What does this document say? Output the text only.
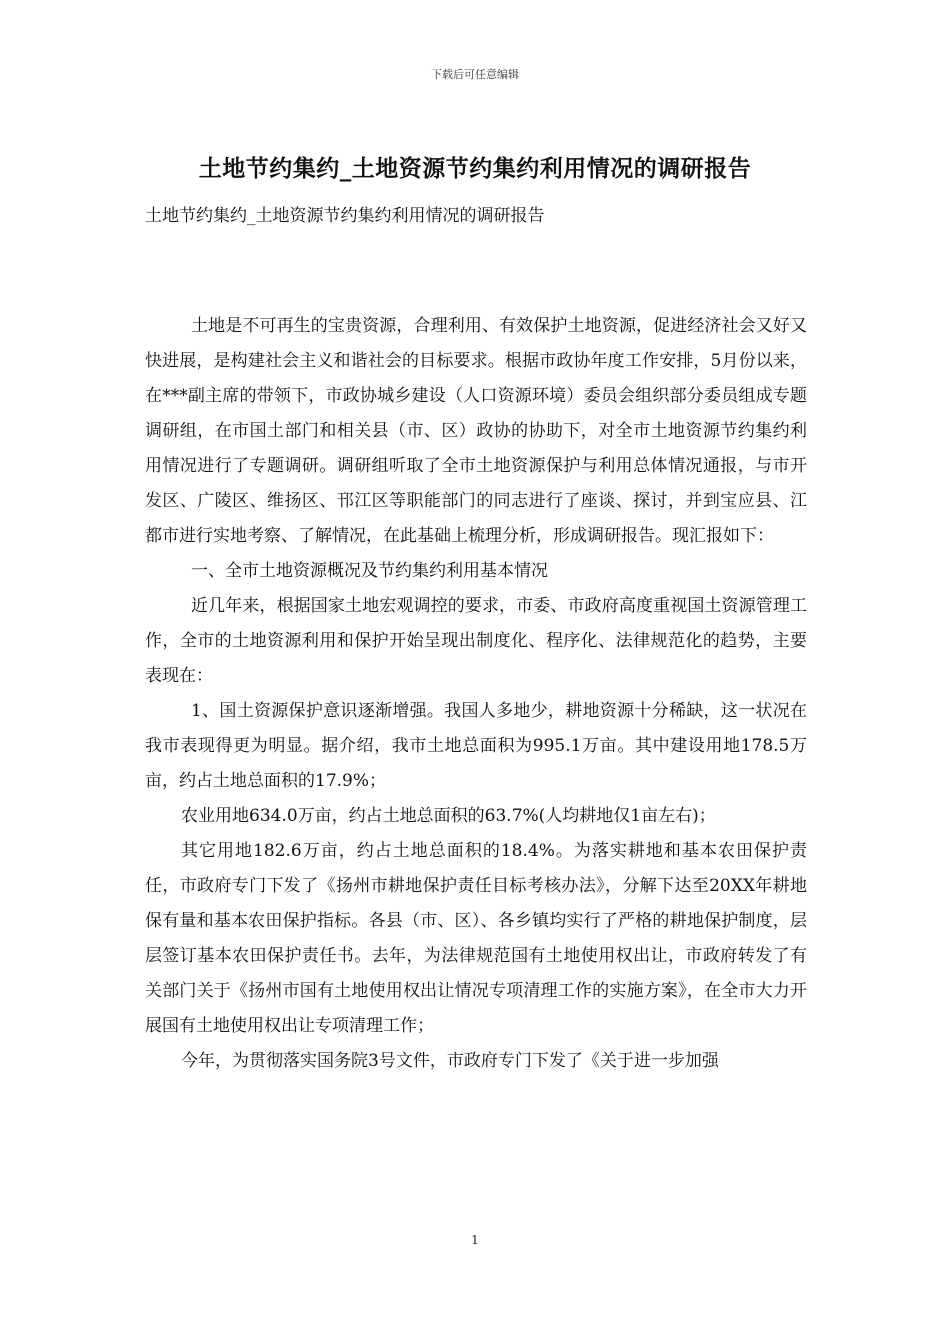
下载后可任意编辑
土地节约集约_土地资源节约集约利用情况的调研报告

土地节约集约_土地资源节约集约利用情况的调研报告

土地是不可再生的宝贵资源，合理利用、有效保护土地资源，促进经济社会又好又快进展，是构建社会主义和谐社会的目标要求。根据市政协年度工作安排，5月份以来，在***副主席的带领下，市政协城乡建设（人口资源环境）委员会组织部分委员组成专题调研组，在市国土部门和相关县（市、区）政协的协助下，对全市土地资源节约集约利用情况进行了专题调研。调研组听取了全市土地资源保护与利用总体情况通报，与市开发区、广陵区、维扬区、邗江区等职能部门的同志进行了座谈、探讨，并到宝应县、江都市进行实地考察、了解情况，在此基础上梳理分析，形成调研报告。现汇报如下：

一、全市土地资源概况及节约集约利用基本情况

近几年来，根据国家土地宏观调控的要求，市委、市政府高度重视国土资源管理工作，全市的土地资源利用和保护开始呈现出制度化、程序化、法律规范化的趋势，主要表现在：

1、国土资源保护意识逐渐增强。我国人多地少，耕地资源十分稀缺，这一状况在我市表现得更为明显。据介绍，我市土地总面积为995.1万亩。其中建设用地178.5万亩，约占土地总面积的17.9%；

农业用地634.0万亩，约占土地总面积的63.7%(人均耕地仅1亩左右)；

其它用地182.6万亩，约占土地总面积的18.4%。为落实耕地和基本农田保护责任，市政府专门下发了《扬州市耕地保护责任目标考核办法》，分解下达至20XX年耕地保有量和基本农田保护指标。各县（市、区）、各乡镇均实行了严格的耕地保护制度，层层签订基本农田保护责任书。去年，为法律规范国有土地使用权出让，市政府转发了有关部门关于《扬州市国有土地使用权出让情况专项清理工作的实施方案》，在全市大力开展国有土地使用权出让专项清理工作；

今年，为贯彻落实国务院3号文件，市政府专门下发了《关于进一步加强

1
